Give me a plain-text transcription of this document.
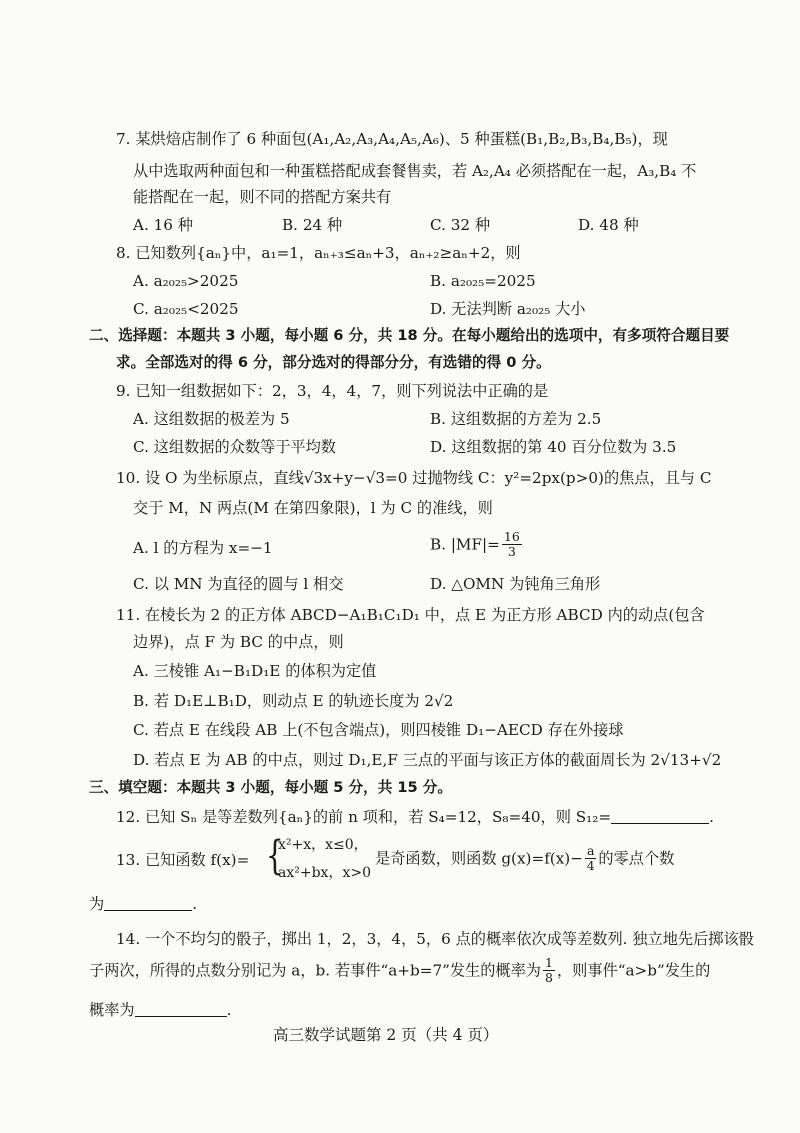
7. 某烘焙店制作了 6 种面包(A₁,A₂,A₃,A₄,A₅,A₆)、5 种蛋糕(B₁,B₂,B₃,B₄,B₅)，现
从中选取两种面包和一种蛋糕搭配成套餐售卖，若 A₂,A₄ 必须搭配在一起，A₃,B₄ 不
能搭配在一起，则不同的搭配方案共有
A. 16 种	B. 24 种	C. 32 种	D. 48 种
8. 已知数列{aₙ}中，a₁=1，aₙ₊₃≤aₙ+3，aₙ₊₂≥aₙ+2，则
A. a₂₀₂₅>2025	B. a₂₀₂₅=2025
C. a₂₀₂₅<2025	D. 无法判断 a₂₀₂₅ 大小
二、选择题：本题共 3 小题，每小题 6 分，共 18 分。在每小题给出的选项中，有多项符合题目要
求。全部选对的得 6 分，部分选对的得部分分，有选错的得 0 分。
9. 已知一组数据如下：2，3，4，4，7，则下列说法中正确的是
A. 这组数据的极差为 5	B. 这组数据的方差为 2.5
C. 这组数据的众数等于平均数	D. 这组数据的第 40 百分位数为 3.5
10. 设 O 为坐标原点，直线√3x+y−√3=0 过抛物线 C：y²=2px(p>0)的焦点，且与 C
交于 M，N 两点(M 在第四象限)，l 为 C 的准线，则
A. l 的方程为 x=−1	B. $|MF|= \frac{16}{3}$
C. 以 MN 为直径的圆与 l 相交	D. △OMN 为钝角三角形
11. 在棱长为 2 的正方体 ABCD−A₁B₁C₁D₁ 中，点 E 为正方形 ABCD 内的动点(包含
边界)，点 F 为 BC 的中点，则
A. 三棱锥 A₁−B₁D₁E 的体积为定值
B. 若 D₁E⊥B₁D，则动点 E 的轨迹长度为 2√2
C. 若点 E 在线段 AB 上(不包含端点)，则四棱锥 D₁−AECD 存在外接球
D. 若点 E 为 AB 的中点，则过 D₁,E,F 三点的平面与该正方体的截面周长为 2√13+√2
三、填空题：本题共 3 小题，每小题 5 分，共 15 分。
12. 已知 Sₙ 是等差数列{aₙ}的前 n 项和，若 S₄=12，S₈=40，则 S₁₂=	.
13. 已知函数 f(x)= {
x²+x，x≤0，
ax²+bx，x>0
是奇函数，则函数 $g(x)=f(x)- \frac{a}{4}$ 的零点个数
为	.
14. 一个不均匀的骰子，掷出 1，2，3，4，5，6 点的概率依次成等差数列. 独立地先后掷该骰
子两次，所得的点数分别记为 a，b. 若事件“a+b=7”发生的概率为 $\frac{1}{8}$ ，则事件“a>b”发生的
概率为	.
高三数学试题第 2 页（共 4 页）
